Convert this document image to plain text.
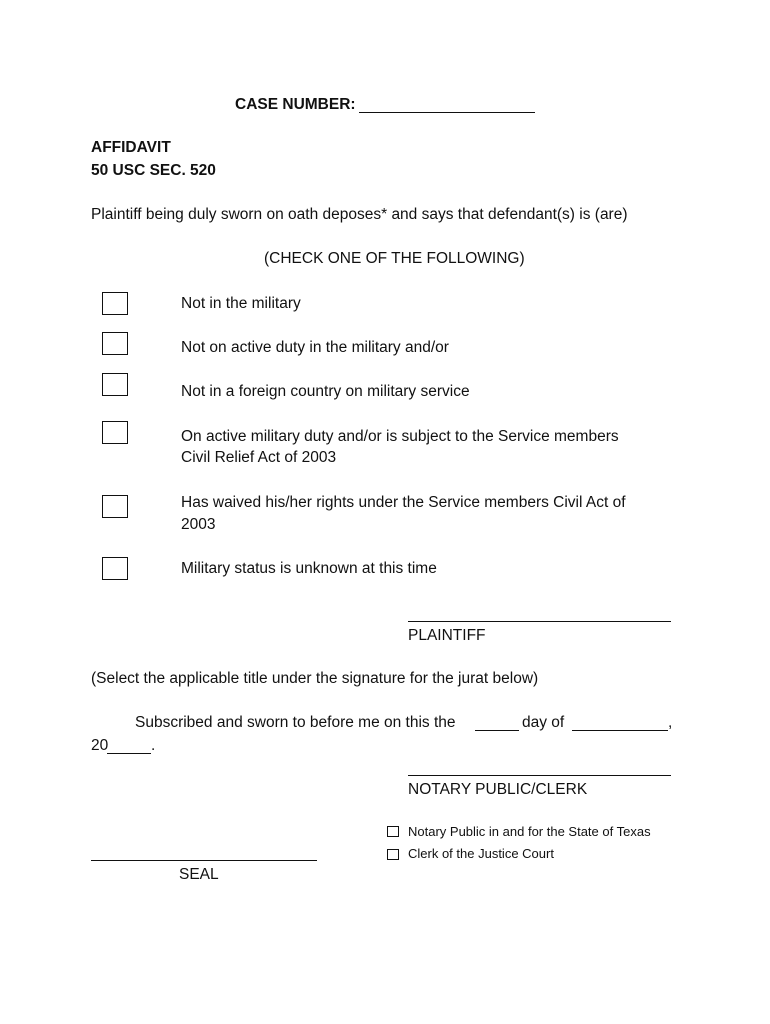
CASE NUMBER:
AFFIDAVIT
50 USC SEC. 520
Plaintiff being duly sworn on oath deposes* and says that defendant(s) is (are)
(CHECK ONE OF THE FOLLOWING)
Not in the military
Not on active duty in the military and/or
Not in a foreign country on military service
On active military duty and/or is subject to the Service members
Civil Relief Act of 2003
Has waived his/her rights under the Service members Civil Act of
2003
Military status is unknown at this time
PLAINTIFF
(Select the applicable title under the signature for the jurat below)
Subscribed and sworn to before me on this the	day of	,
20	.
NOTARY PUBLIC/CLERK
Notary Public in and for the State of Texas
Clerk of the Justice Court
SEAL
